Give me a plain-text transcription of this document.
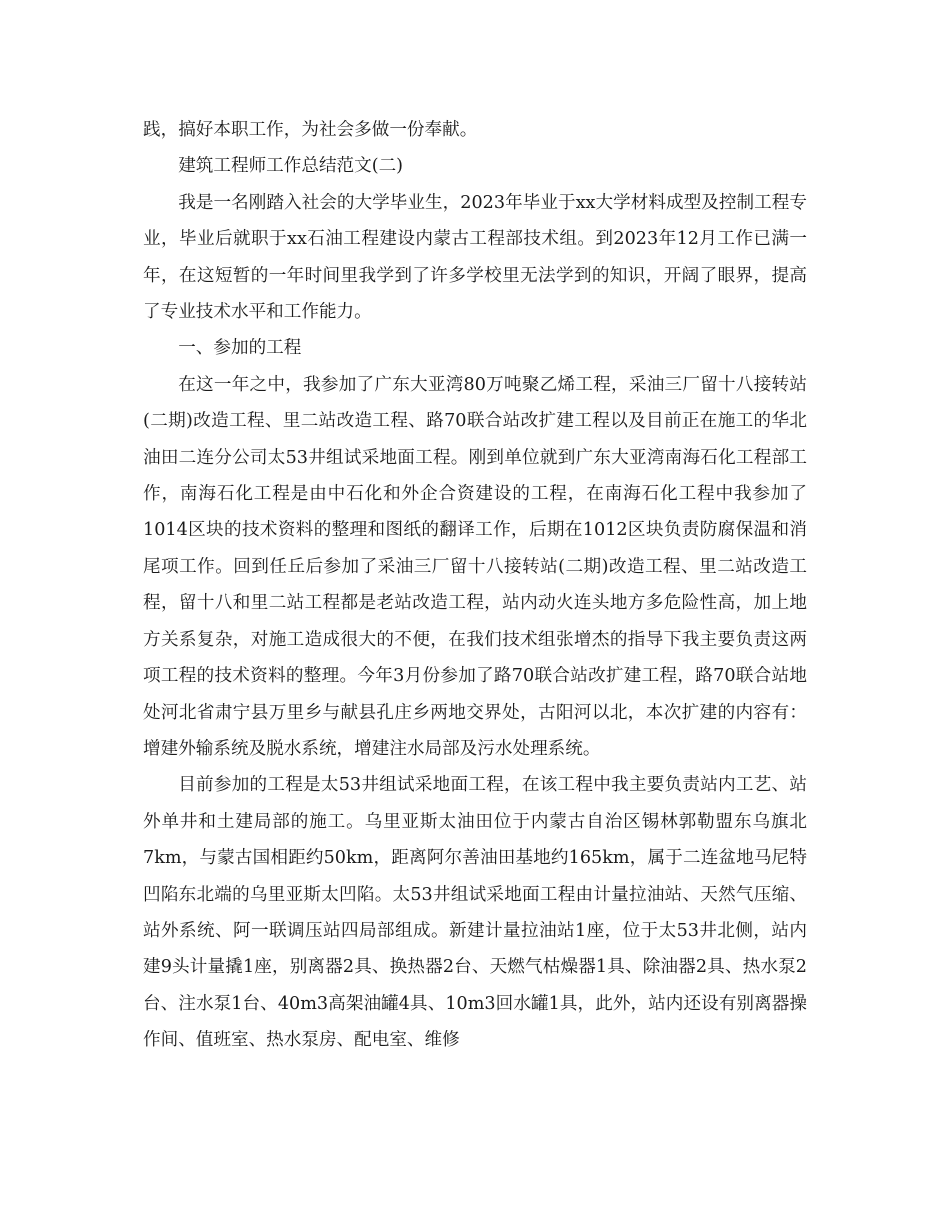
践，搞好本职工作，为社会多做一份奉献。

建筑工程师工作总结范文(二)

我是一名刚踏入社会的大学毕业生，2023年毕业于xx大学材料成型及控制工程专业，毕业后就职于xx石油工程建设内蒙古工程部技术组。到2023年12月工作已满一年，在这短暂的一年时间里我学到了许多学校里无法学到的知识，开阔了眼界，提高了专业技术水平和工作能力。

一、参加的工程

在这一年之中，我参加了广东大亚湾80万吨聚乙烯工程，采油三厂留十八接转站(二期)改造工程、里二站改造工程、路70联合站改扩建工程以及目前正在施工的华北油田二连分公司太53井组试采地面工程。刚到单位就到广东大亚湾南海石化工程部工作，南海石化工程是由中石化和外企合资建设的工程，在南海石化工程中我参加了1014区块的技术资料的整理和图纸的翻译工作，后期在1012区块负责防腐保温和消尾项工作。回到任丘后参加了采油三厂留十八接转站(二期)改造工程、里二站改造工程，留十八和里二站工程都是老站改造工程，站内动火连头地方多危险性高，加上地方关系复杂，对施工造成很大的不便，在我们技术组张增杰的指导下我主要负责这两项工程的技术资料的整理。今年3月份参加了路70联合站改扩建工程，路70联合站地处河北省肃宁县万里乡与献县孔庄乡两地交界处，古阳河以北，本次扩建的内容有：增建外输系统及脱水系统，增建注水局部及污水处理系统。

目前参加的工程是太53井组试采地面工程，在该工程中我主要负责站内工艺、站外单井和土建局部的施工。乌里亚斯太油田位于内蒙古自治区锡林郭勒盟东乌旗北7km，与蒙古国相距约50km，距离阿尔善油田基地约165km，属于二连盆地马尼特凹陷东北端的乌里亚斯太凹陷。太53井组试采地面工程由计量拉油站、天然气压缩、站外系统、阿一联调压站四局部组成。新建计量拉油站1座，位于太53井北侧，站内建9头计量撬1座，别离器2具、换热器2台、天燃气枯燥器1具、除油器2具、热水泵2台、注水泵1台、40m3高架油罐4具、10m3回水罐1具，此外，站内还设有别离器操作间、值班室、热水泵房、配电室、维修
